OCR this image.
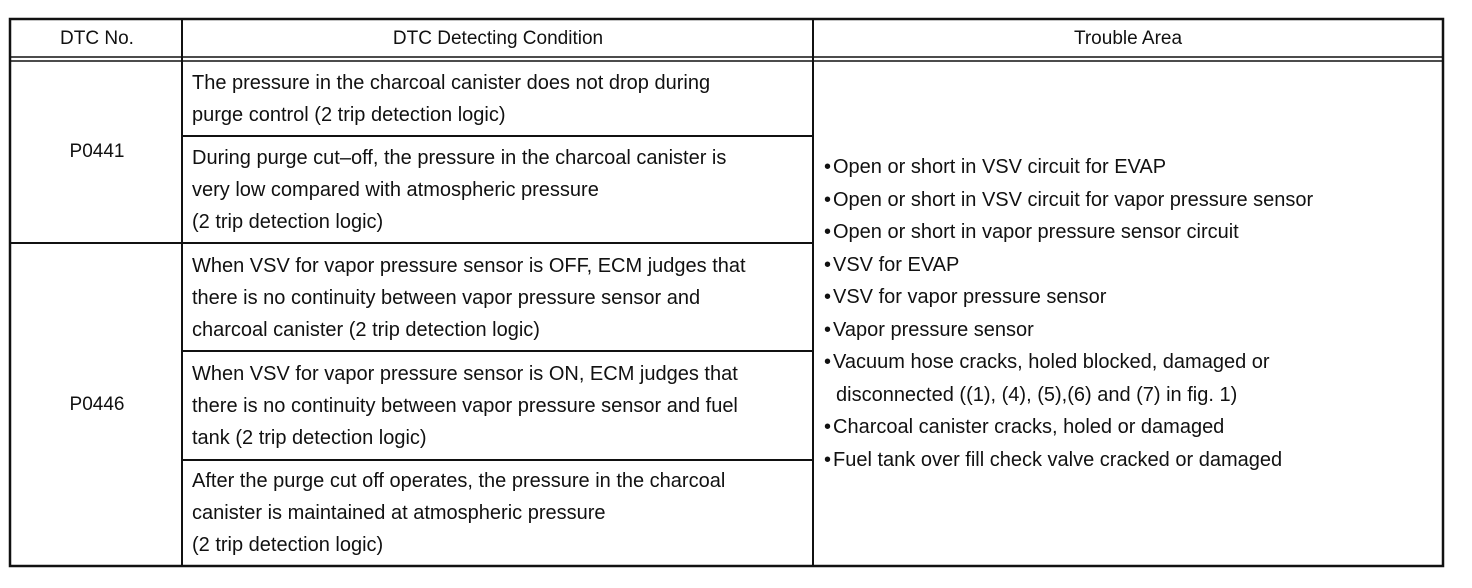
DTC No.	DTC Detecting Condition	Trouble Area
P0441
P0446
The pressure in the charcoal canister does not drop during
purge control (2 trip detection logic)
During purge cut–off, the pressure in the charcoal canister is
very low compared with atmospheric pressure
(2 trip detection logic)
When VSV for vapor pressure sensor is OFF, ECM judges that
there is no continuity between vapor pressure sensor and
charcoal canister (2 trip detection logic)
When VSV for vapor pressure sensor is ON, ECM judges that
there is no continuity between vapor pressure sensor and fuel
tank (2 trip detection logic)
After the purge cut off operates, the pressure in the charcoal
canister is maintained at atmospheric pressure
(2 trip detection logic)
•Open or short in VSV circuit for EVAP
•Open or short in VSV circuit for vapor pressure sensor
•Open or short in vapor pressure sensor circuit
•VSV for EVAP
•VSV for vapor pressure sensor
•Vapor pressure sensor
•Vacuum hose cracks, holed blocked, damaged or
disconnected ((1), (4), (5),(6) and (7) in fig. 1)
•Charcoal canister cracks, holed or damaged
•Fuel tank over fill check valve cracked or damaged
